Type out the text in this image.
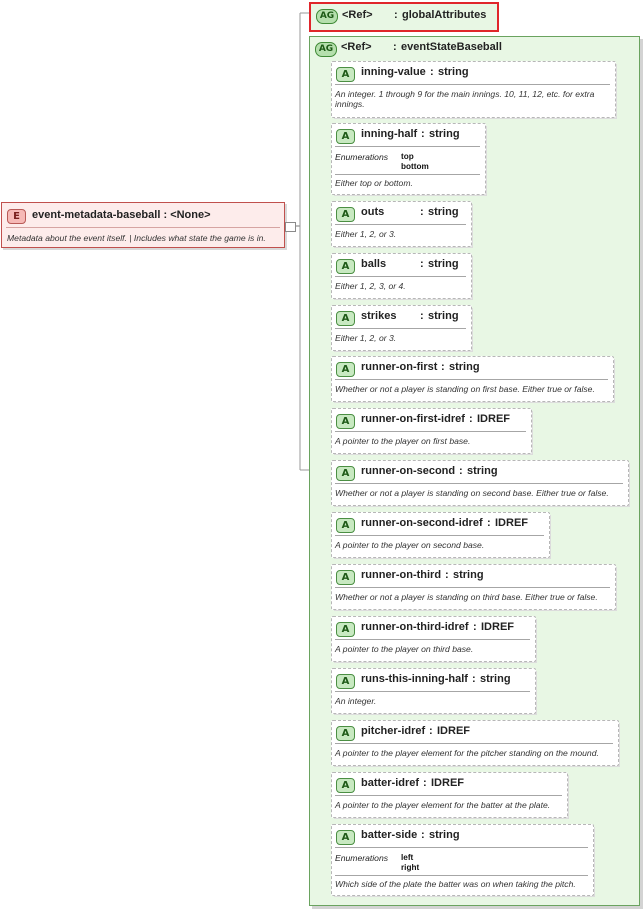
E	event-metadata-baseball : <None>
Metadata about the event itself. | Includes what state the game is in.
AG <Ref> : globalAttributes
AG <Ref> : eventStateBaseball
A	inning-value : string
An integer. 1 through 9 for the main innings. 10, 11, 12, etc. for extra innings.
A	inning-half : string
Enumerations top
bottom
Either top or bottom.
A	outs	: string
Either 1, 2, or 3.
A	balls	: string
Either 1, 2, 3, or 4.
A	strikes : string
Either 1, 2, or 3.
A	runner-on-first : string
Whether or not a player is standing on first base. Either true or false.
A	runner-on-first-idref : IDREF
A pointer to the player on first base.
A	runner-on-second : string
Whether or not a player is standing on second base. Either true or false.
A	runner-on-second-idref : IDREF
A pointer to the player on second base.
A	runner-on-third : string
Whether or not a player is standing on third base. Either true or false.
A	runner-on-third-idref : IDREF
A pointer to the player on third base.
A	runs-this-inning-half : string
An integer.
A	pitcher-idref : IDREF
A pointer to the player element for the pitcher standing on the mound.
A	batter-idref : IDREF
A pointer to the player element for the batter at the plate.
A	batter-side : string
Enumerations left
right
Which side of the plate the batter was on when taking the pitch.
